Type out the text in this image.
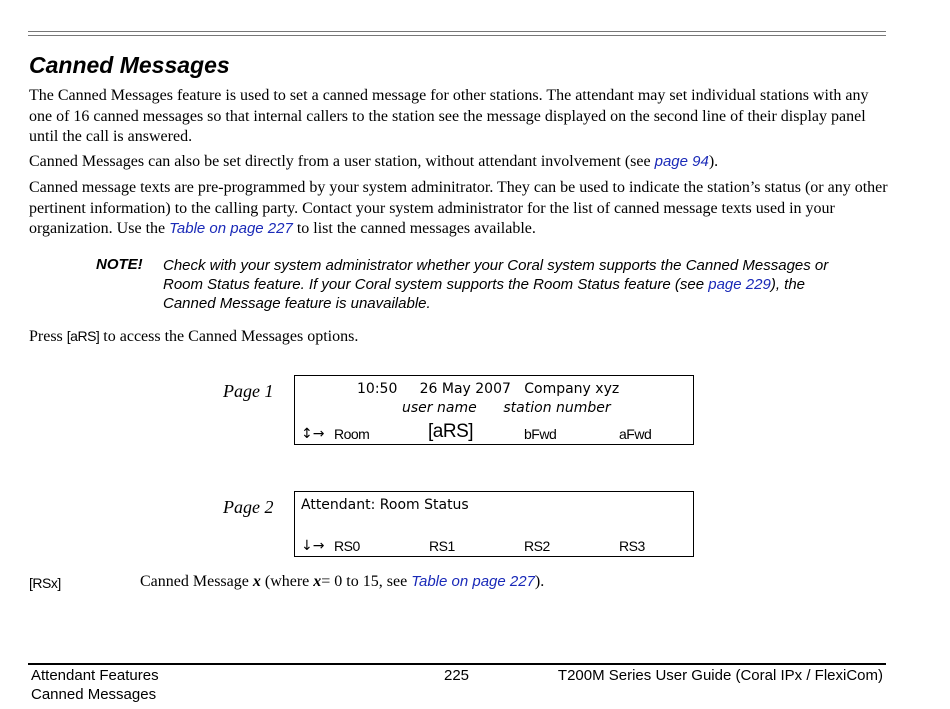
Canned Messages

The Canned Messages feature is used to set a canned message for other stations. The attendant may set individual stations with any one of 16 canned messages so that internal callers to the station see the message displayed on the second line of their display panel until the call is answered.

Canned Messages can also be set directly from a user station, without attendant involvement (see page 94).

Canned message texts are pre-programmed by your system adminitrator. They can be used to indicate the station’s status (or any other pertinent information) to the calling party. Contact your system administrator for the list of canned message texts used in your organization. Use the Table on page 227 to list the canned messages available.

NOTE! Check with your system administrator whether your Coral system supports the Canned Messages or Room Status feature. If your Coral system supports the Room Status feature (see page 229), the Canned Message feature is unavailable.

Press [aRS] to access the Canned Messages options.

Page 1	10:50     26 May 2007   Company xyz
user name      station number
↕→ Room	[aRS]	bFwd	aFwd
Page 2 Attendant: Room Status
↓→ RS0	RS1	RS2	RS3
[RSx]	Canned Message x (where x= 0 to 15, see Table on page 227).
Attendant Features
Canned Messages
225	T200M Series User Guide (Coral IPx / FlexiCom)
